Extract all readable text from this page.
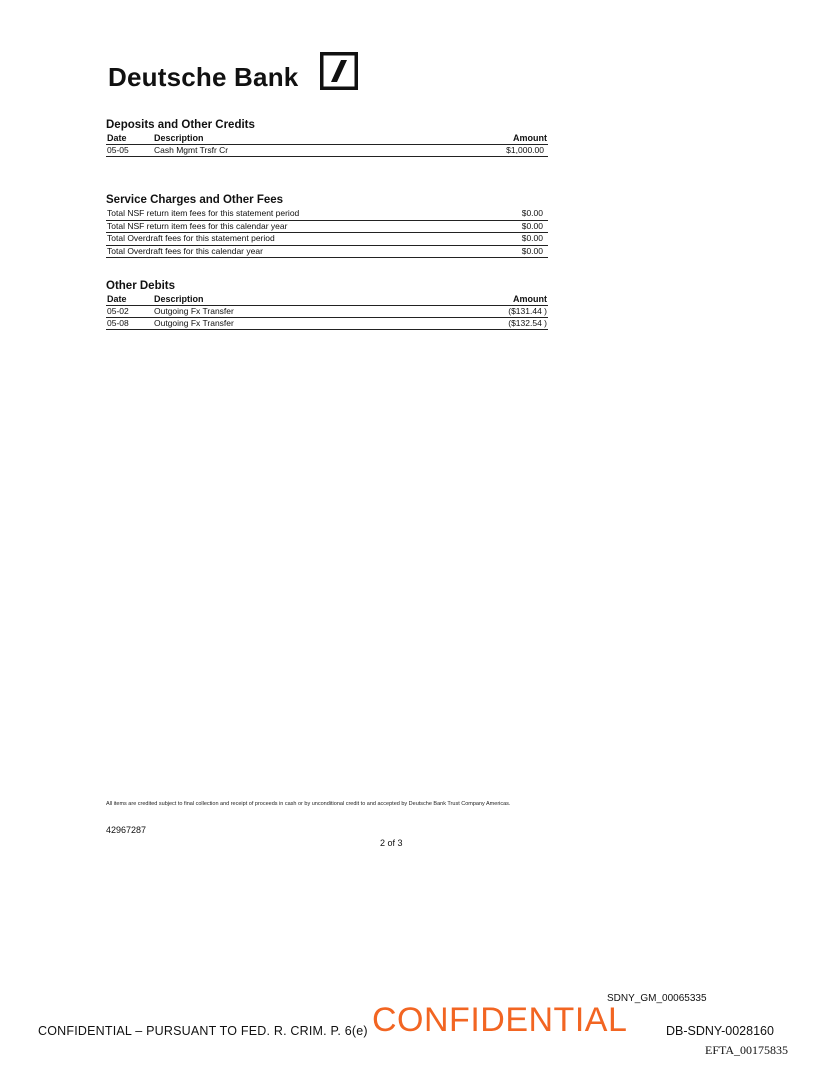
Deutsche Bank
Deposits and Other Credits
Date	Description	Amount
05-05	Cash Mgmt Trsfr Cr	$1,000.00
Service Charges and Other Fees
Total NSF return item fees for this statement period	$0.00
Total NSF return item fees for this calendar year	$0.00
Total Overdraft fees for this statement period	$0.00
Total Overdraft fees for this calendar year	$0.00
Other Debits
Date	Description	Amount
05-02	Outgoing Fx Transfer	($131.44 )
05-08	Outgoing Fx Transfer	($132.54 )
All items are credited subject to final collection and receipt of proceeds in cash or by unconditional credit to and accepted by Deutsche Bank Trust Company Americas.
42967287
2 of 3
SDNY_GM_00065335
CONFIDENTIAL – PURSUANT TO FED. R. CRIM. P. 6(e) CONFIDENTIAL	DB-SDNY-0028160
EFTA_00175835
